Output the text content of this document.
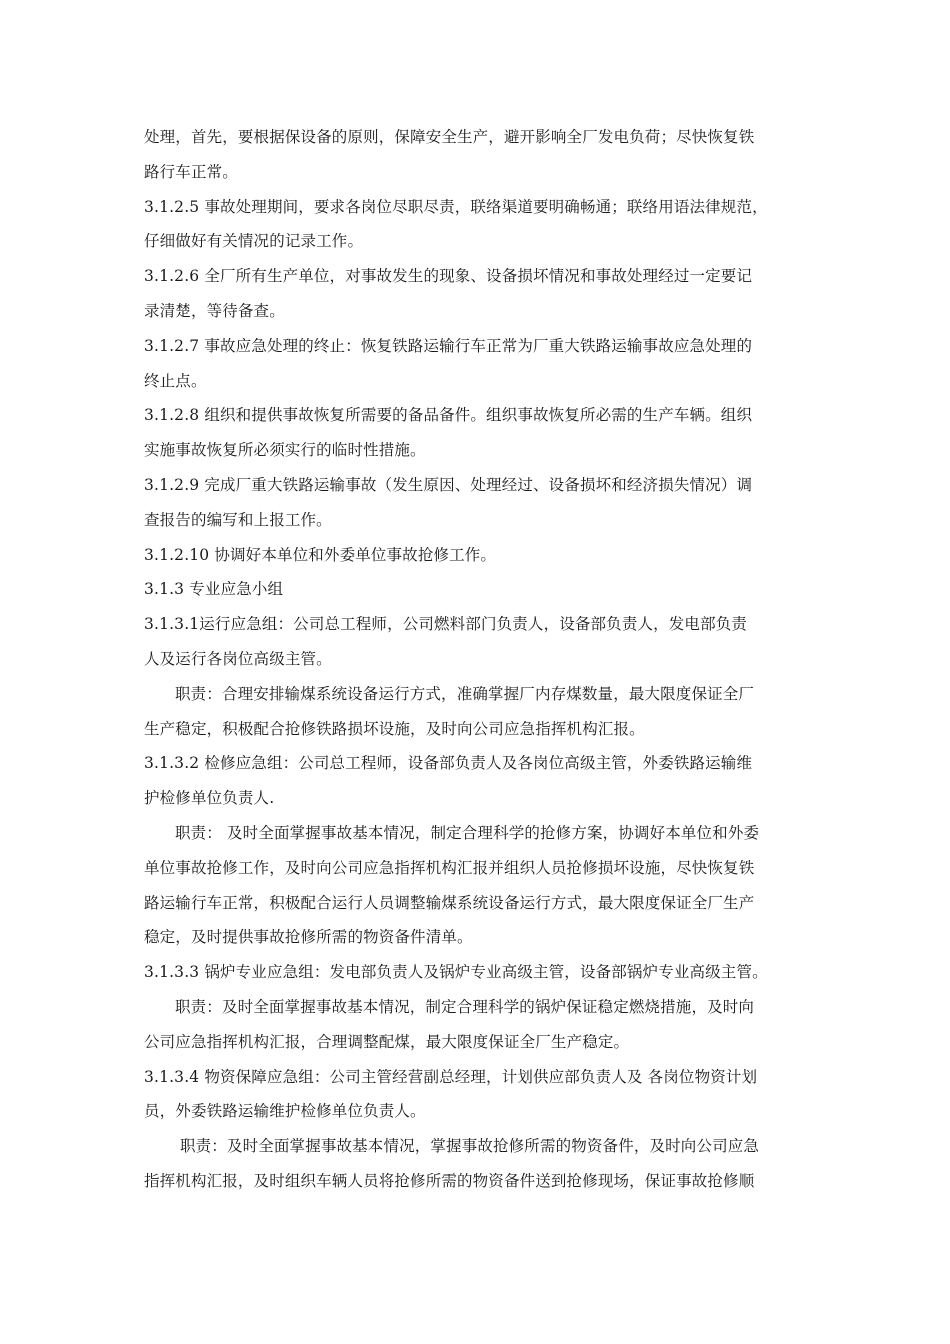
处理，首先，要根据保设备的原则，保障安全生产，避开影响全厂发电负荷；尽快恢复铁
路行车正常。
3.1.2.5 事故处理期间，要求各岗位尽职尽责，联络渠道要明确畅通；联络用语法律规范，
仔细做好有关情况的记录工作。
3.1.2.6 全厂所有生产单位，对事故发生的现象、设备损坏情况和事故处理经过一定要记
录清楚，等待备查。
3.1.2.7 事故应急处理的终止：恢复铁路运输行车正常为厂重大铁路运输事故应急处理的
终止点。
3.1.2.8 组织和提供事故恢复所需要的备品备件。组织事故恢复所必需的生产车辆。组织
实施事故恢复所必须实行的临时性措施。
3.1.2.9 完成厂重大铁路运输事故（发生原因、处理经过、设备损坏和经济损失情况）调
查报告的编写和上报工作。
3.1.2.10 协调好本单位和外委单位事故抢修工作。
3.1.3 专业应急小组
3.1.3.1运行应急组：公司总工程师，公司燃料部门负责人，设备部负责人，发电部负责
人及运行各岗位高级主管。
职责：合理安排输煤系统设备运行方式，准确掌握厂内存煤数量，最大限度保证全厂
生产稳定，积极配合抢修铁路损坏设施，及时向公司应急指挥机构汇报。
3.1.3.2 检修应急组：公司总工程师，设备部负责人及各岗位高级主管，外委铁路运输维
护检修单位负责人.
职责： 及时全面掌握事故基本情况，制定合理科学的抢修方案，协调好本单位和外委
单位事故抢修工作，及时向公司应急指挥机构汇报并组织人员抢修损坏设施，尽快恢复铁
路运输行车正常，积极配合运行人员调整输煤系统设备运行方式，最大限度保证全厂生产
稳定，及时提供事故抢修所需的物资备件清单。
3.1.3.3 锅炉专业应急组：发电部负责人及锅炉专业高级主管，设备部锅炉专业高级主管。
职责：及时全面掌握事故基本情况，制定合理科学的锅炉保证稳定燃烧措施，及时向
公司应急指挥机构汇报，合理调整配煤，最大限度保证全厂生产稳定。
3.1.3.4 物资保障应急组：公司主管经营副总经理，计划供应部负责人及 各岗位物资计划
员，外委铁路运输维护检修单位负责人。
职责：及时全面掌握事故基本情况，掌握事故抢修所需的物资备件，及时向公司应急
指挥机构汇报，及时组织车辆人员将抢修所需的物资备件送到抢修现场，保证事故抢修顺
